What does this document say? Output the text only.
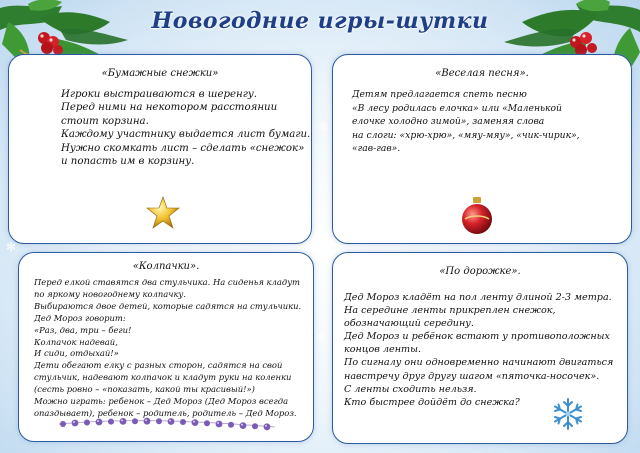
✻
✻
✻
Новогодние игры-шутки
«Бумажные снежки»
Игроки выстраиваются в шеренгу.
Перед ними на некотором расстоянии
стоит корзина.
Каждому участнику выдается лист бумаги.
Нужно скомкать лист – сделать «снежок»
и попасть им в корзину.
«Веселая песня».
Детям предлагается спеть песню
«В лесу родилась елочка» или «Маленькой
елочке холодно зимой», заменяя слова
на слоги: «хрю-хрю», «мяу-мяу», «чик-чирик»,
«гав-гав».
«Колпачки».
Перед елкой ставятся два стульчика. На сиденья кладут
по яркому новогоднему колпачку.
Выбираются двое детей, которые садятся на стульчики.
Дед Мороз говорит:
«Раз, два, три – беги!
Колпачок надевай,
И сиди, отдыхай!»
Дети обегают елку с разных сторон, садятся на свой
стульчик, надевают колпачок и кладут руки на коленки
(сесть ровно – «показать, какой ты красивый!»)
Можно играть: ребенок – Дед Мороз (Дед Мороз всегда
опаздывает), ребенок – родитель, родитель – Дед Мороз.
«По дорожке».
Дед Мороз кладёт на пол ленту длиной 2-3 метра.
На середине ленты прикреплен снежок,
обозначающий середину.
Дед Мороз и ребёнок встают у противоположных
концов ленты.
По сигналу они одновременно начинают двигаться
навстречу друг другу шагом «пяточка-носочек».
С ленты сходить нельзя.
Кто быстрее дойдёт до снежка?
